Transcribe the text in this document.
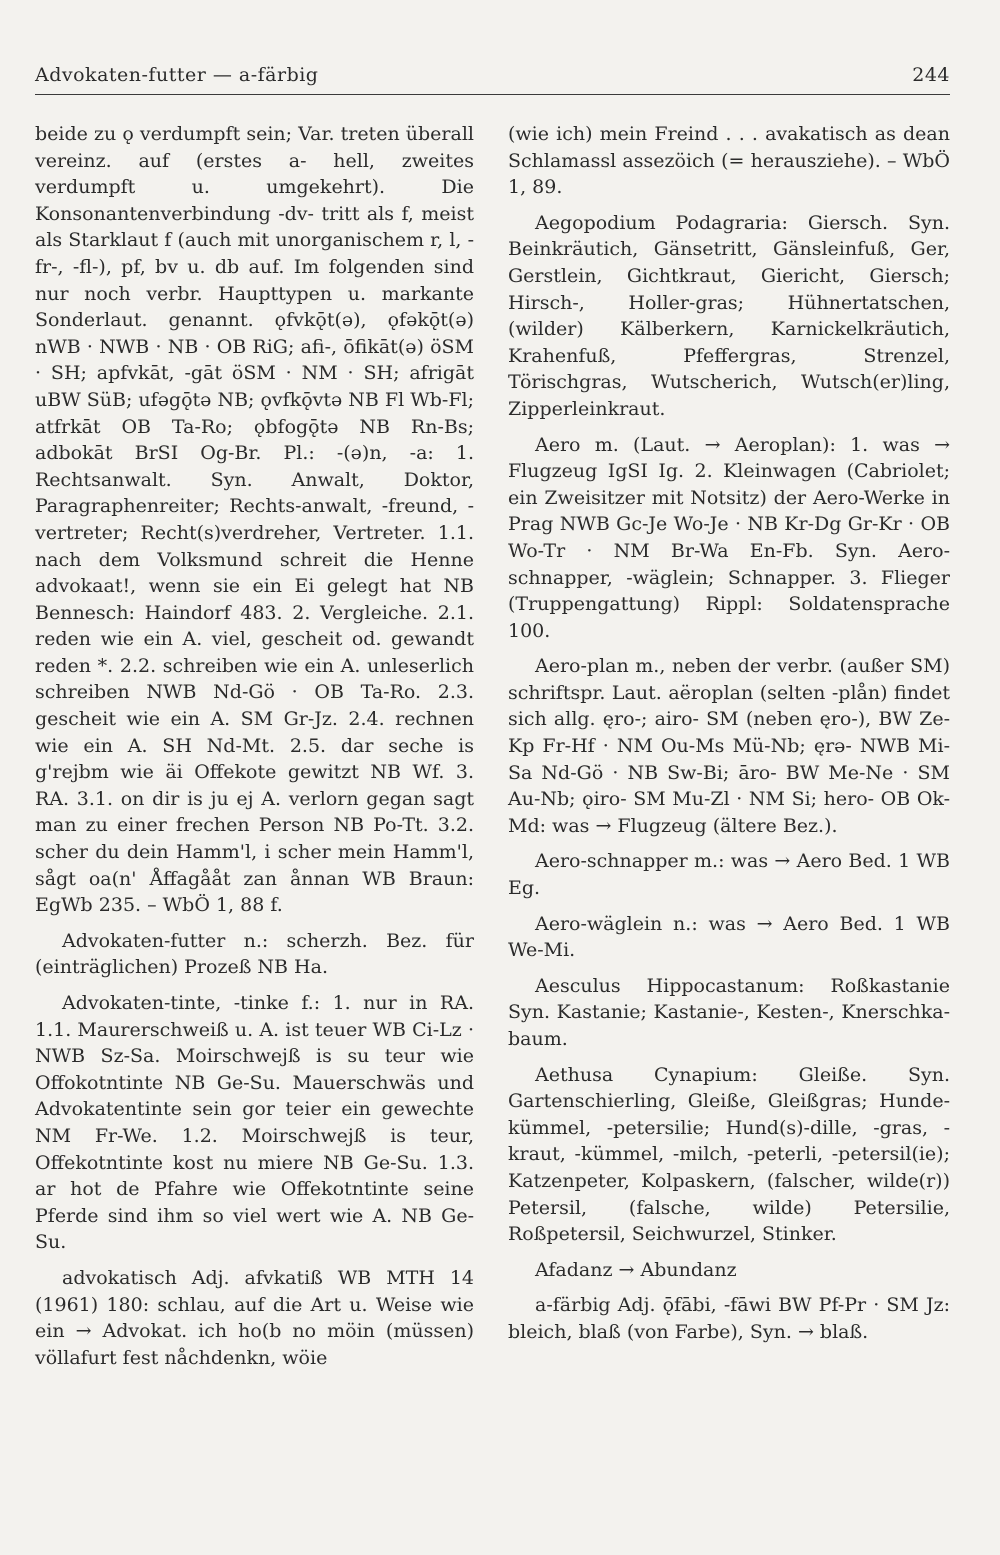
Advokaten-futter — a-färbig	244

beide zu ǫ verdumpft sein; Var. treten überall vereinz. auf (erstes a- hell, zweites verdumpft u. umgekehrt). Die Konsonantenverbindung -dv- tritt als f, meist als Starklaut f (auch mit unorganischem r, l, -fr-, -fl-), pf, bv u. db auf. Im folgenden sind nur noch verbr. Haupttypen u. markante Sonderlaut. genannt. ǫfvkǭt(ə), ǫfəkǭt(ə) nWB · NWB · NB · OB RiG; afi-, ōfikāt(ə) öSM · SH; apfvkāt, -gāt öSM · NM · SH; afrigāt uBW SüB; ufəgǭtə NB; ǫvfkǭvtə NB Fl Wb-Fl; atfrkāt OB Ta-Ro; ǫbfogǭtə NB Rn-Bs; adbokāt BrSI Og-Br. Pl.: -(ə)n, -a: 1. Rechtsanwalt. Syn. Anwalt, Doktor, Paragraphenreiter; Rechts-anwalt, -freund, -vertreter; Recht(s)verdreher, Vertreter. 1.1. nach dem Volksmund schreit die Henne advokaat!, wenn sie ein Ei gelegt hat NB Bennesch: Haindorf 483. 2. Vergleiche. 2.1. reden wie ein A. viel, gescheit od. gewandt reden *. 2.2. schreiben wie ein A. unleserlich schreiben NWB Nd-Gö · OB Ta-Ro. 2.3. gescheit wie ein A. SM Gr-Jz. 2.4. rechnen wie ein A. SH Nd-Mt. 2.5. dar seche is g'rejbm wie äi Offekote gewitzt NB Wf. 3. RA. 3.1. on dir is ju ej A. verlorn gegan sagt man zu einer frechen Person NB Po-Tt. 3.2. scher du dein Hamm'l, i scher mein Hamm'l, sågt oa(n' Åffagååt zan ånnan WB Braun: EgWb 235. – WbÖ 1, 88 f.

Advokaten-futter n.: scherzh. Bez. für (einträglichen) Prozeß NB Ha.

Advokaten-tinte, -tinke f.: 1. nur in RA. 1.1. Maurerschweiß u. A. ist teuer WB Ci-Lz · NWB Sz-Sa. Moirschwejß is su teur wie Offokotntinte NB Ge-Su. Mauerschwäs und Advokatentinte sein gor teier ein gewechte NM Fr-We. 1.2. Moirschwejß is teur, Offekotntinte kost nu miere NB Ge-Su. 1.3. ar hot de Pfahre wie Offekotntinte seine Pferde sind ihm so viel wert wie A. NB Ge-Su.

advokatisch Adj. afvkatiß WB MTH 14 (1961) 180: schlau, auf die Art u. Weise wie ein → Advokat. ich ho(b no möin (müssen) völlafurt fest nåchdenkn, wöie

(wie ich) mein Freind . . . avakatisch as dean Schlamassl assezöich (= herausziehe). – WbÖ 1, 89.

Aegopodium Podagraria: Giersch. Syn. Beinkräutich, Gänsetritt, Gänsleinfuß, Ger, Gerstlein, Gichtkraut, Giericht, Giersch; Hirsch-, Holler-gras; Hühnertatschen, (wilder) Kälberkern, Karnickelkräutich, Krahenfuß, Pfeffergras, Strenzel, Törischgras, Wutscherich, Wutsch(er)ling, Zipperleinkraut.

Aero m. (Laut. → Aeroplan): 1. was → Flugzeug IgSI Ig. 2. Kleinwagen (Cabriolet; ein Zweisitzer mit Notsitz) der Aero-Werke in Prag NWB Gc-Je Wo-Je · NB Kr-Dg Gr-Kr · OB Wo-Tr · NM Br-Wa En-Fb. Syn. Aero-schnapper, -wäglein; Schnapper. 3. Flieger (Truppengattung) Rippl: Soldatensprache 100.

Aero-plan m., neben der verbr. (außer SM) schriftspr. Laut. aëroplan (selten -plån) findet sich allg. ęro-; airo- SM (neben ęro-), BW Ze-Kp Fr-Hf · NM Ou-Ms Mü-Nb; ęrə- NWB Mi-Sa Nd-Gö · NB Sw-Bi; āro- BW Me-Ne · SM Au-Nb; ǫiro- SM Mu-Zl · NM Si; hero- OB Ok-Md: was → Flugzeug (ältere Bez.).

Aero-schnapper m.: was → Aero Bed. 1 WB Eg.

Aero-wäglein n.: was → Aero Bed. 1 WB We-Mi.

Aesculus Hippocastanum: Roßkastanie Syn. Kastanie; Kastanie-, Kesten-, Knerschka-baum.

Aethusa Cynapium: Gleiße. Syn. Gartenschierling, Gleiße, Gleißgras; Hunde-kümmel, -petersilie; Hund(s)-dille, -gras, -kraut, -kümmel, -milch, -peterli, -petersil(ie); Katzenpeter, Kolpaskern, (falscher, wilde(r)) Petersil, (falsche, wilde) Petersilie, Roßpetersil, Seichwurzel, Stinker.

Afadanz → Abundanz

a-färbig Adj. ǭfābi, -fāwi BW Pf-Pr · SM Jz: bleich, blaß (von Farbe), Syn. → blaß.
